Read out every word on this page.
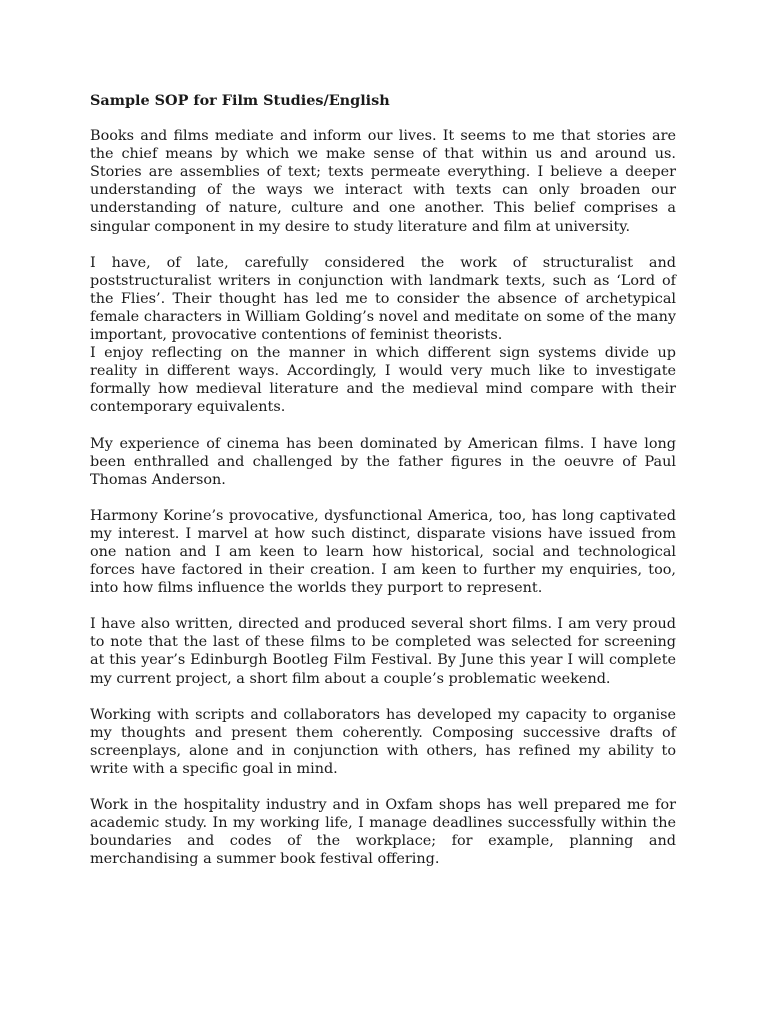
Sample SOP for Film Studies/English

Books and films mediate and inform our lives. It seems to me that stories are the chief means by which we make sense of that within us and around us. Stories are assemblies of text; texts permeate everything. I believe a deeper understanding of the ways we interact with texts can only broaden our understanding of nature, culture and one another. This belief comprises a singular component in my desire to study literature and film at university.

I have, of late, carefully considered the work of structuralist and poststructuralist writers in conjunction with landmark texts, such as ‘Lord of the Flies’. Their thought has led me to consider the absence of archetypical female characters in William Golding’s novel and meditate on some of the many important, provocative contentions of feminist theorists.

I enjoy reflecting on the manner in which different sign systems divide up reality in different ways. Accordingly, I would very much like to investigate formally how medieval literature and the medieval mind compare with their contemporary equivalents.

My experience of cinema has been dominated by American films. I have long been enthralled and challenged by the father figures in the oeuvre of Paul Thomas Anderson.

Harmony Korine’s provocative, dysfunctional America, too, has long captivated my interest. I marvel at how such distinct, disparate visions have issued from one nation and I am keen to learn how historical, social and technological forces have factored in their creation. I am keen to further my enquiries, too, into how films influence the worlds they purport to represent.

I have also written, directed and produced several short films. I am very proud to note that the last of these films to be completed was selected for screening at this year’s Edinburgh Bootleg Film Festival. By June this year I will complete my current project, a short film about a couple’s problematic weekend.

Working with scripts and collaborators has developed my capacity to organise my thoughts and present them coherently. Composing successive drafts of screenplays, alone and in conjunction with others, has refined my ability to write with a specific goal in mind.

Work in the hospitality industry and in Oxfam shops has well prepared me for academic study. In my working life, I manage deadlines successfully within the boundaries and codes of the workplace; for example, planning and merchandising a summer book festival offering.
